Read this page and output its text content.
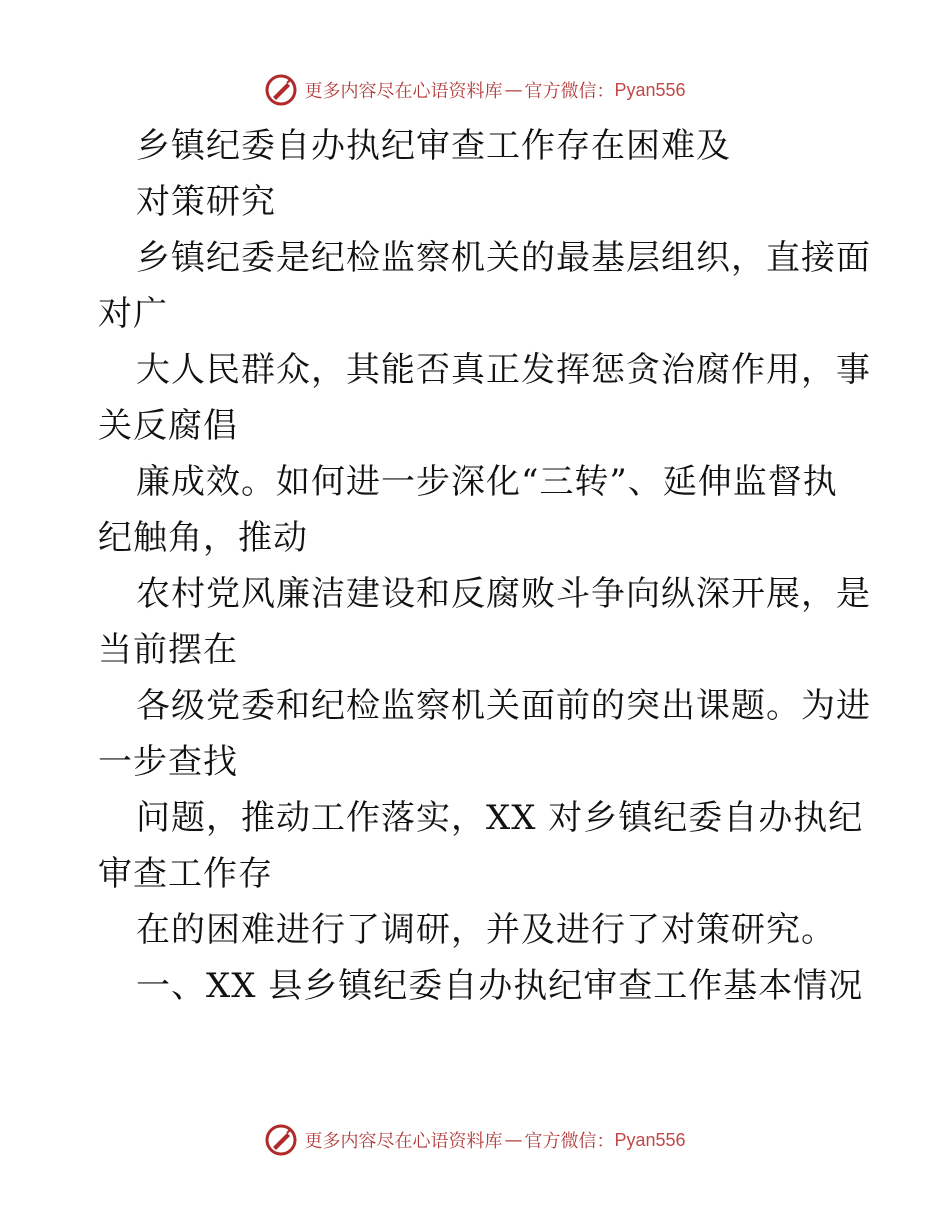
更多内容尽在心语资料库 — 官方微信： Pyan556
乡镇纪委自办执纪审查工作存在困难及
对策研究
乡镇纪委是纪检监察机关的最基层组织，直接面
对广
大人民群众，其能否真正发挥惩贪治腐作用，事
关反腐倡
廉成效。如何进一步深化“三转”、延伸监督执
纪触角，推动
农村党风廉洁建设和反腐败斗争向纵深开展，是
当前摆在
各级党委和纪检监察机关面前的突出课题。为进
一步查找
问题，推动工作落实，XX 对乡镇纪委自办执纪
审查工作存
在的困难进行了调研，并及进行了对策研究。
一、XX 县乡镇纪委自办执纪审查工作基本情况
更多内容尽在心语资料库 — 官方微信： Pyan556
